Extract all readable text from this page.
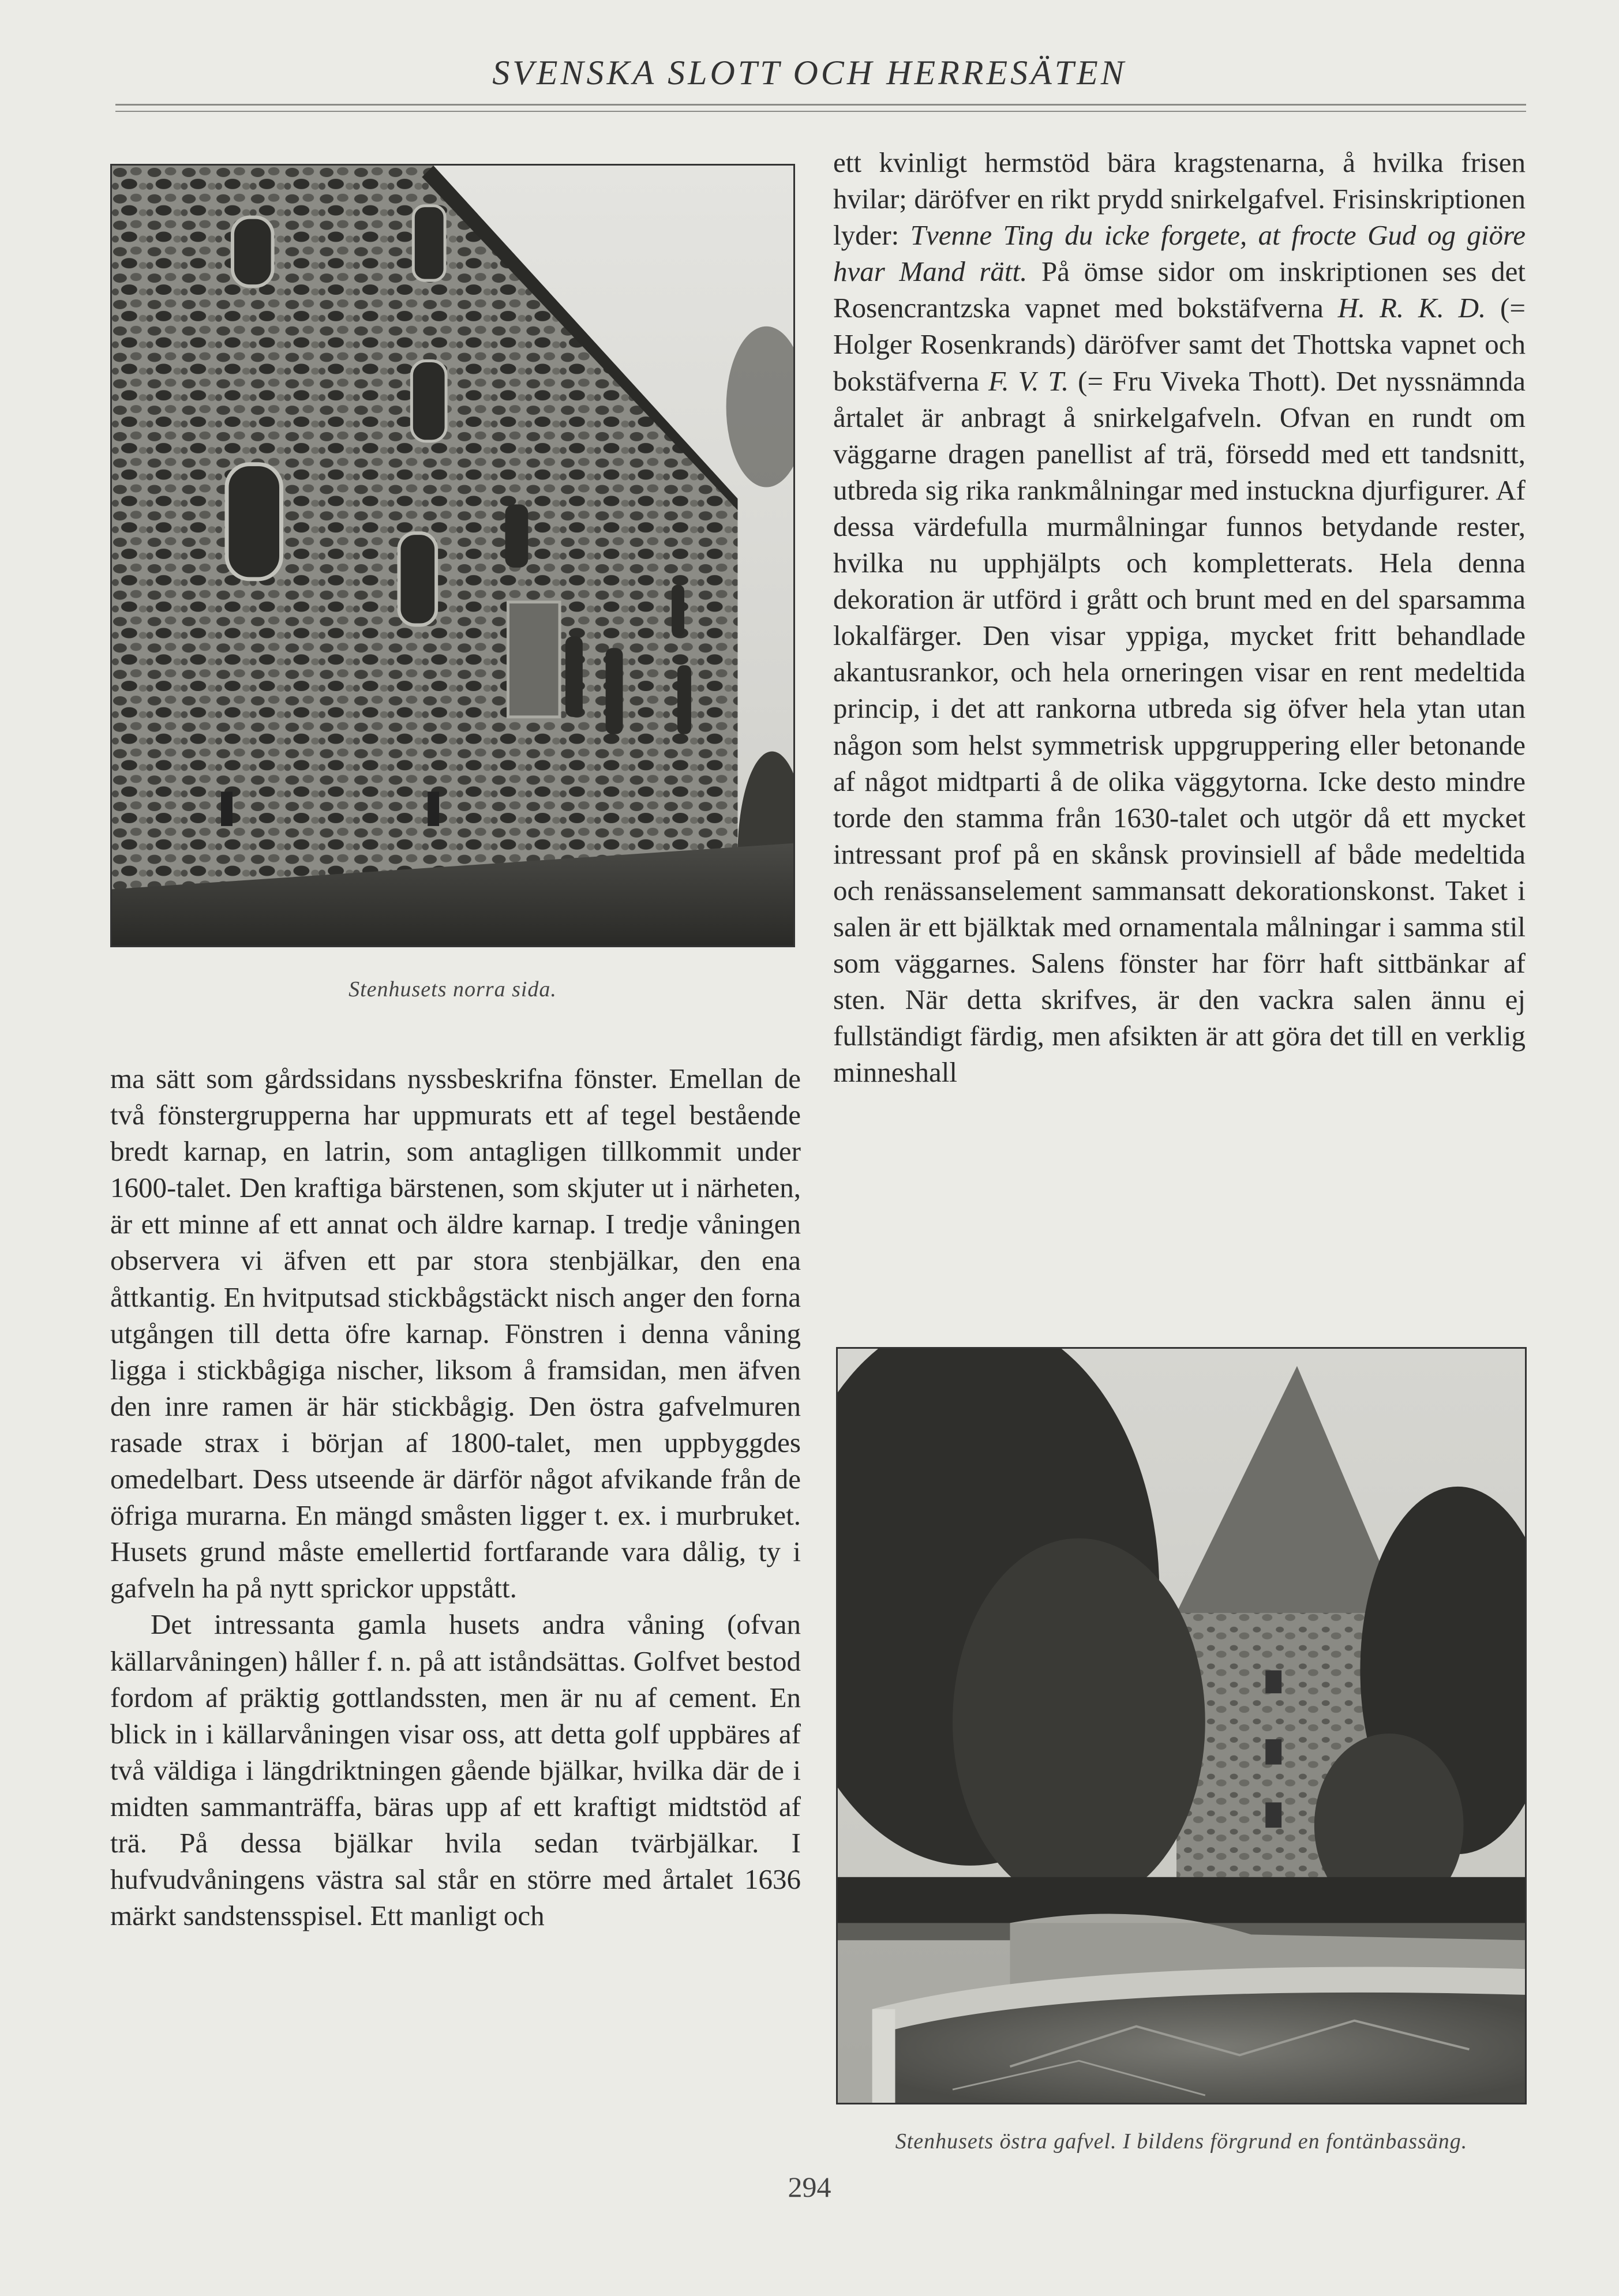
SVENSKA SLOTT OCH HERRESÄTEN
Stenhusets norra sida.

ma sätt som gårdssidans nyssbeskrifna fönster. Emellan de två fönstergrupperna har uppmurats ett af tegel bestående bredt karnap, en latrin, som antagligen tillkommit under 1600-talet. Den kraftiga bärstenen, som skjuter ut i närheten, är ett minne af ett annat och äldre karnap. I tredje våningen observera vi äfven ett par stora stenbjälkar, den ena åttkantig. En hvitputsad stickbågstäckt nisch anger den forna utgången till detta öfre karnap. Fönstren i denna våning ligga i stickbågiga nischer, liksom å framsidan, men äfven den inre ramen är här stickbågig. Den östra gafvelmuren rasade strax i början af 1800-talet, men uppbyggdes omedelbart. Dess utseende är därför något afvikande från de öfriga murarna. En mängd småsten ligger t. ex. i murbruket. Husets grund måste emellertid fortfarande vara dålig, ty i gafveln ha på nytt sprickor uppstått.

Det intressanta gamla husets andra våning (ofvan källarvåningen) håller f. n. på att iståndsättas. Golfvet bestod fordom af präktig gottlandssten, men är nu af cement. En blick in i källarvåningen visar oss, att detta golf uppbäres af två väldiga i längdriktningen gående bjälkar, hvilka där de i midten sammanträffa, bäras upp af ett kraftigt midtstöd af trä. På dessa bjälkar hvila sedan tvärbjälkar. I hufvudvåningens västra sal står en större med årtalet 1636 märkt sandstensspisel. Ett manligt och

ett kvinligt hermstöd bära kragstenarna, å hvilka frisen hvilar; däröfver en rikt prydd snirkelgafvel. Frisinskriptionen lyder: Tvenne Ting du icke forgete, at frocte Gud og giöre hvar Mand rätt. På ömse sidor om inskriptionen ses det Rosencrantzska vapnet med bokstäfverna H. R. K. D. (= Holger Rosenkrands) däröfver samt det Thottska vapnet och bokstäfverna F. V. T. (= Fru Viveka Thott). Det nyssnämnda årtalet är anbragt å snirkelgafveln. Ofvan en rundt om väggarne dragen panellist af trä, försedd med ett tandsnitt, utbreda sig rika rankmålningar med instuckna djurfigurer. Af dessa värdefulla murmålningar funnos betydande rester, hvilka nu upphjälpts och kompletterats. Hela denna dekoration är utförd i grått och brunt med en del sparsamma lokalfärger. Den visar yppiga, mycket fritt behandlade akantusrankor, och hela orneringen visar en rent medeltida princip, i det att rankorna utbreda sig öfver hela ytan utan någon som helst symmetrisk uppgruppering eller betonande af något midtparti å de olika väggytorna. Icke desto mindre torde den stamma från 1630-talet och utgör då ett mycket intressant prof på en skånsk provinsiell af både medeltida och renässanselement sammansatt dekorationskonst. Taket i salen är ett bjälktak med ornamentala målningar i samma stil som väggarnes. Salens fönster har förr haft sittbänkar af sten. När detta skrifves, är den vackra salen ännu ej fullständigt färdig, men afsikten är att göra det till en verklig minneshall

Stenhusets östra gafvel. I bildens förgrund en fontänbassäng.
294
